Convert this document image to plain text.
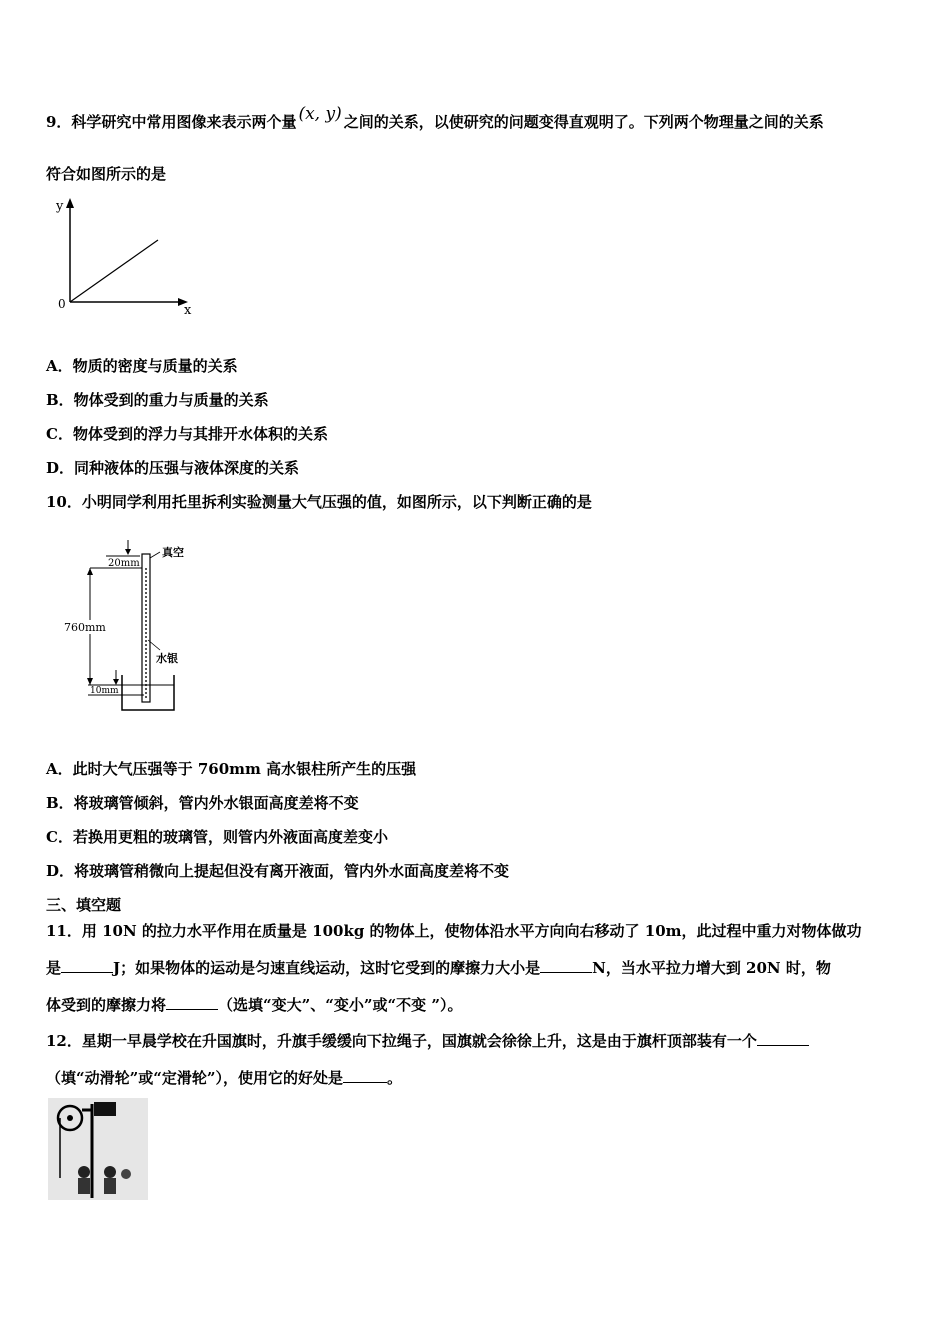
9．科学研究中常用图像来表示两个量 (x, y) 之间的关系，以使研究的问题变得直观明了。下列两个物理量之间的关系
符合如图所示的是
y
x
0
A．物质的密度与质量的关系
B．物体受到的重力与质量的关系
C．物体受到的浮力与其排开水体积的关系
D．同种液体的压强与液体深度的关系
10．小明同学利用托里拆利实验测量大气压强的值，如图所示，以下判断正确的是
20mm
真空
760mm
水银
10mm
A．此时大气压强等于 760mm 高水银柱所产生的压强
B．将玻璃管倾斜，管内外水银面高度差将不变
C．若换用更粗的玻璃管，则管内外液面高度差变小
D．将玻璃管稍微向上提起但没有离开液面，管内外水面高度差将不变
三、填空题
11．用 10N 的拉力水平作用在质量是 100kg 的物体上，使物体沿水平方向向右移动了 10m，此过程中重力对物体做功
是	J；如果物体的运动是匀速直线运动，这时它受到的摩擦力大小是	N，当水平拉力增大到 20N 时，物
体受到的摩擦力将	（选填“变大”、“变小”或“不变 ”）。
12．星期一早晨学校在升国旗时，升旗手缓缓向下拉绳子，国旗就会徐徐上升，这是由于旗杆顶部装有一个
（填“动滑轮”或“定滑轮”），使用它的好处是	。
